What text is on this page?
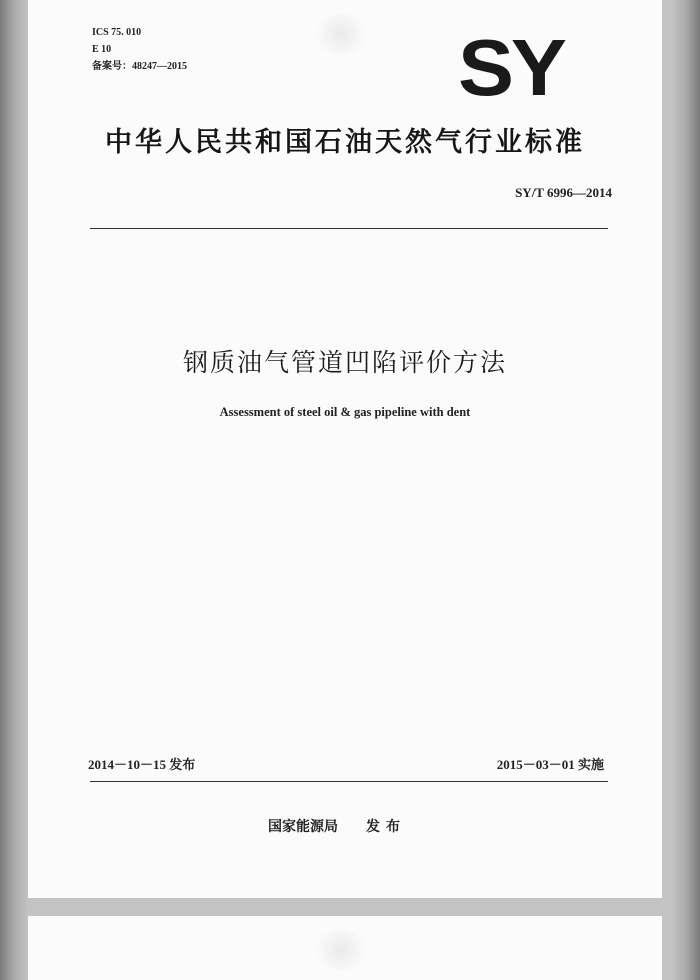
ICS 75. 010
E 10
备案号：48247—2015	SY
中华人民共和国石油天然气行业标准
SY/T 6996—2014
钢质油气管道凹陷评价方法
Assessment of steel oil & gas pipeline with dent
2014－10－15 发布	2015－03－01 实施
国家能源局 发布
